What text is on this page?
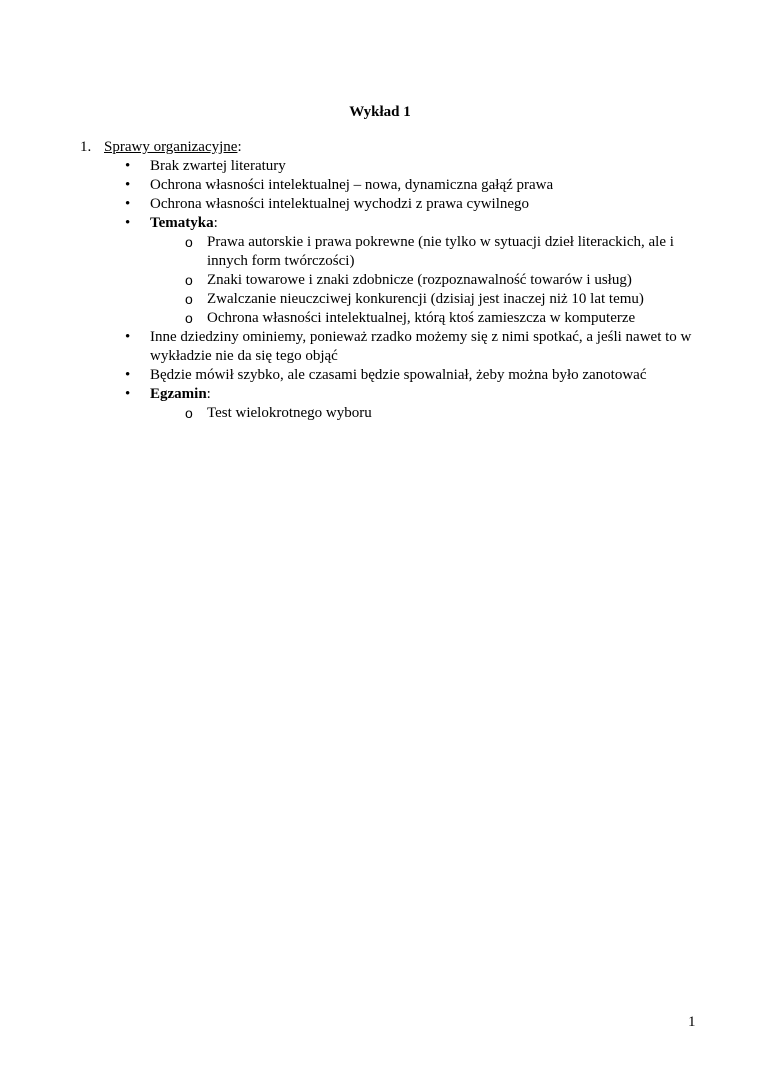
Wykład 1
1. Sprawy organizacyjne:
• Brak zwartej literatury
• Ochrona własności intelektualnej – nowa, dynamiczna gałąź prawa
• Ochrona własności intelektualnej wychodzi z prawa cywilnego
• Tematyka:
o Prawa autorskie i prawa pokrewne (nie tylko w sytuacji dzieł literackich, ale i innych form twórczości)
o Znaki towarowe i znaki zdobnicze (rozpoznawalność towarów i usług)
o Zwalczanie nieuczciwej konkurencji (dzisiaj jest inaczej niż 10 lat temu)
o Ochrona własności intelektualnej, którą ktoś zamieszcza w komputerze
• Inne dziedziny ominiemy, ponieważ rzadko możemy się z nimi spotkać, a jeśli nawet to w wykładzie nie da się tego objąć
• Będzie mówił szybko, ale czasami będzie spowalniał, żeby można było zanotować
• Egzamin:
o Test wielokrotnego wyboru
1
